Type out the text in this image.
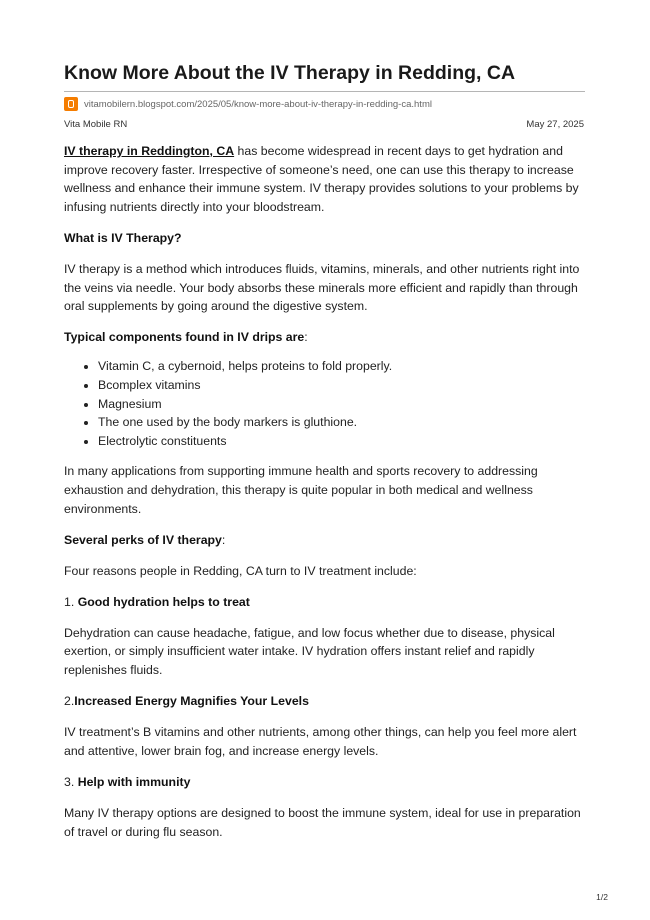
Know More About the IV Therapy in Redding, CA
vitamobilern.blogspot.com/2025/05/know-more-about-iv-therapy-in-redding-ca.html
Vita Mobile RN	May 27, 2025

IV therapy in Reddington, CA has become widespread in recent days to get hydration and improve recovery faster. Irrespective of someone’s need, one can use this therapy to increase wellness and enhance their immune system. IV therapy provides solutions to your problems by infusing nutrients directly into your bloodstream.

What is IV Therapy?

IV therapy is a method which introduces fluids, vitamins, minerals, and other nutrients right into the veins via needle. Your body absorbs these minerals more efficient and rapidly than through oral supplements by going around the digestive system.

Typical components found in IV drips are:

• Vitamin C, a cybernoid, helps proteins to fold properly.
• Bcomplex vitamins
• Magnesium
• The one used by the body markers is gluthione.
• Electrolytic constituents

In many applications from supporting immune health and sports recovery to addressing exhaustion and dehydration, this therapy is quite popular in both medical and wellness environments.

Several perks of IV therapy:

Four reasons people in Redding, CA turn to IV treatment include:

1. Good hydration helps to treat

Dehydration can cause headache, fatigue, and low focus whether due to disease, physical exertion, or simply insufficient water intake. IV hydration offers instant relief and rapidly replenishes fluids.

2.Increased Energy Magnifies Your Levels

IV treatment’s B vitamins and other nutrients, among other things, can help you feel more alert and attentive, lower brain fog, and increase energy levels.

3. Help with immunity

Many IV therapy options are designed to boost the immune system, ideal for use in preparation of travel or during flu season.

1/2
